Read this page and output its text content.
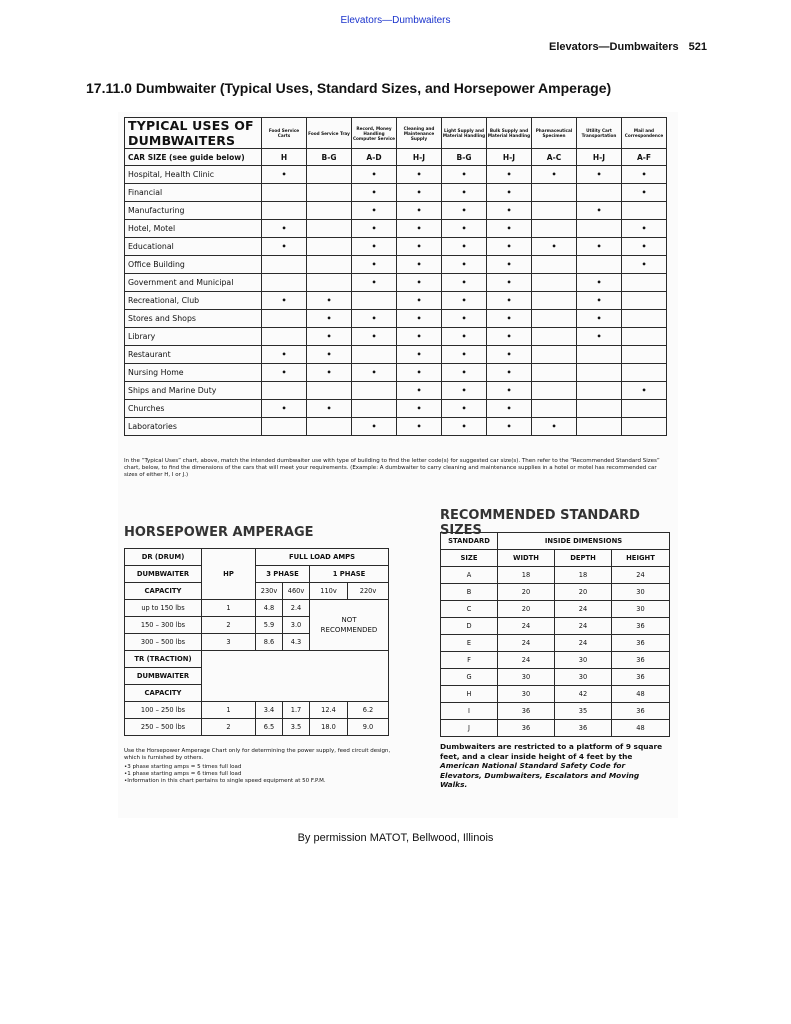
Elevators—Dumbwaiters
Elevators—Dumbwaiters 521
17.11.0 Dumbwaiter (Typical Uses, Standard Sizes, and Horsepower Amperage)
TYPICAL USES OF
DUMBWAITERS	Food Service Carts	Food Service Tray	Record, Money Handling Computer Service	Cleaning and Maintenance Supply	Light Supply and Material Handling	Bulk Supply and Material Handling	Pharmaceutical Specimen	Utility Cart Transportation	Mail and Correspondence
CAR SIZE (see guide below)	H	B-G	A-D	H-J	B-G	H-J	A-C	H-J	A-F
Hospital, Health Clinic	•		•	•	•	•	•	•	•
Financial			•	•	•	•			•
Manufacturing			•	•	•	•		•	
Hotel, Motel	•		•	•	•	•			•
Educational	•		•	•	•	•	•	•	•
Office Building			•	•	•	•			•
Government and Municipal			•	•	•	•		•	
Recreational, Club	•	•		•	•	•		•	
Stores and Shops		•	•	•	•	•		•	
Library		•	•	•	•	•		•	
Restaurant	•	•		•	•	•			
Nursing Home	•	•	•	•	•	•			
Ships and Marine Duty				•	•	•			•
Churches	•	•		•	•	•			
Laboratories			•	•	•	•	•		
In the “Typical Uses” chart, above, match the intended dumbwaiter use with type of building to find the letter code(s) for suggested car size(s). Then refer to the “Recommended Standard Sizes” chart, below, to find the dimensions of the cars that will meet your requirements. (Example: A dumbwaiter to carry cleaning and maintenance supplies in a hotel or motel has recommended car sizes of either H, I or J.)
HORSEPOWER AMPERAGE
RECOMMENDED STANDARD SIZES
DR (DRUM)	HP	FULL LOAD AMPS			
DUMBWAITER		3 PHASE		1 PHASE	
CAPACITY		230v	460v	110v	220v
up to 150 lbs	1	4.8	2.4	NOT
RECOMMENDED	

150 – 300 lbs	2	5.9	3.0		
300 – 500 lbs	3	8.6	4.3		
TR (TRACTION)					
DUMBWAITER					
CAPACITY					
100 – 250 lbs	1	3.4	1.7	12.4	6.2
250 – 500 lbs	2	6.5	3.5	18.0	9.0
STANDARD	INSIDE DIMENSIONS		
SIZE	WIDTH	DEPTH	HEIGHT
A	18	18	24
B	20	20	30
C	20	24	30
D	24	24	36
E	24	24	36
F	24	30	36
G	30	30	36
H	30	42	48
I	36	35	36
J	36	36	48
Use the Horsepower Amperage Chart only for determining the power supply, feed circuit design, which is furnished by others.
• 3 phase starting amps = 5 times full load
• 1 phase starting amps = 6 times full load
• Information in this chart pertains to single speed equipment at 50 F.P.M.
Dumbwaiters are restricted to a platform of 9 square feet, and a clear inside height of 4 feet by the American National Standard Safety Code for Elevators, Dumbwaiters, Escalators and Moving Walks.
By permission MATOT, Bellwood, Illinois
